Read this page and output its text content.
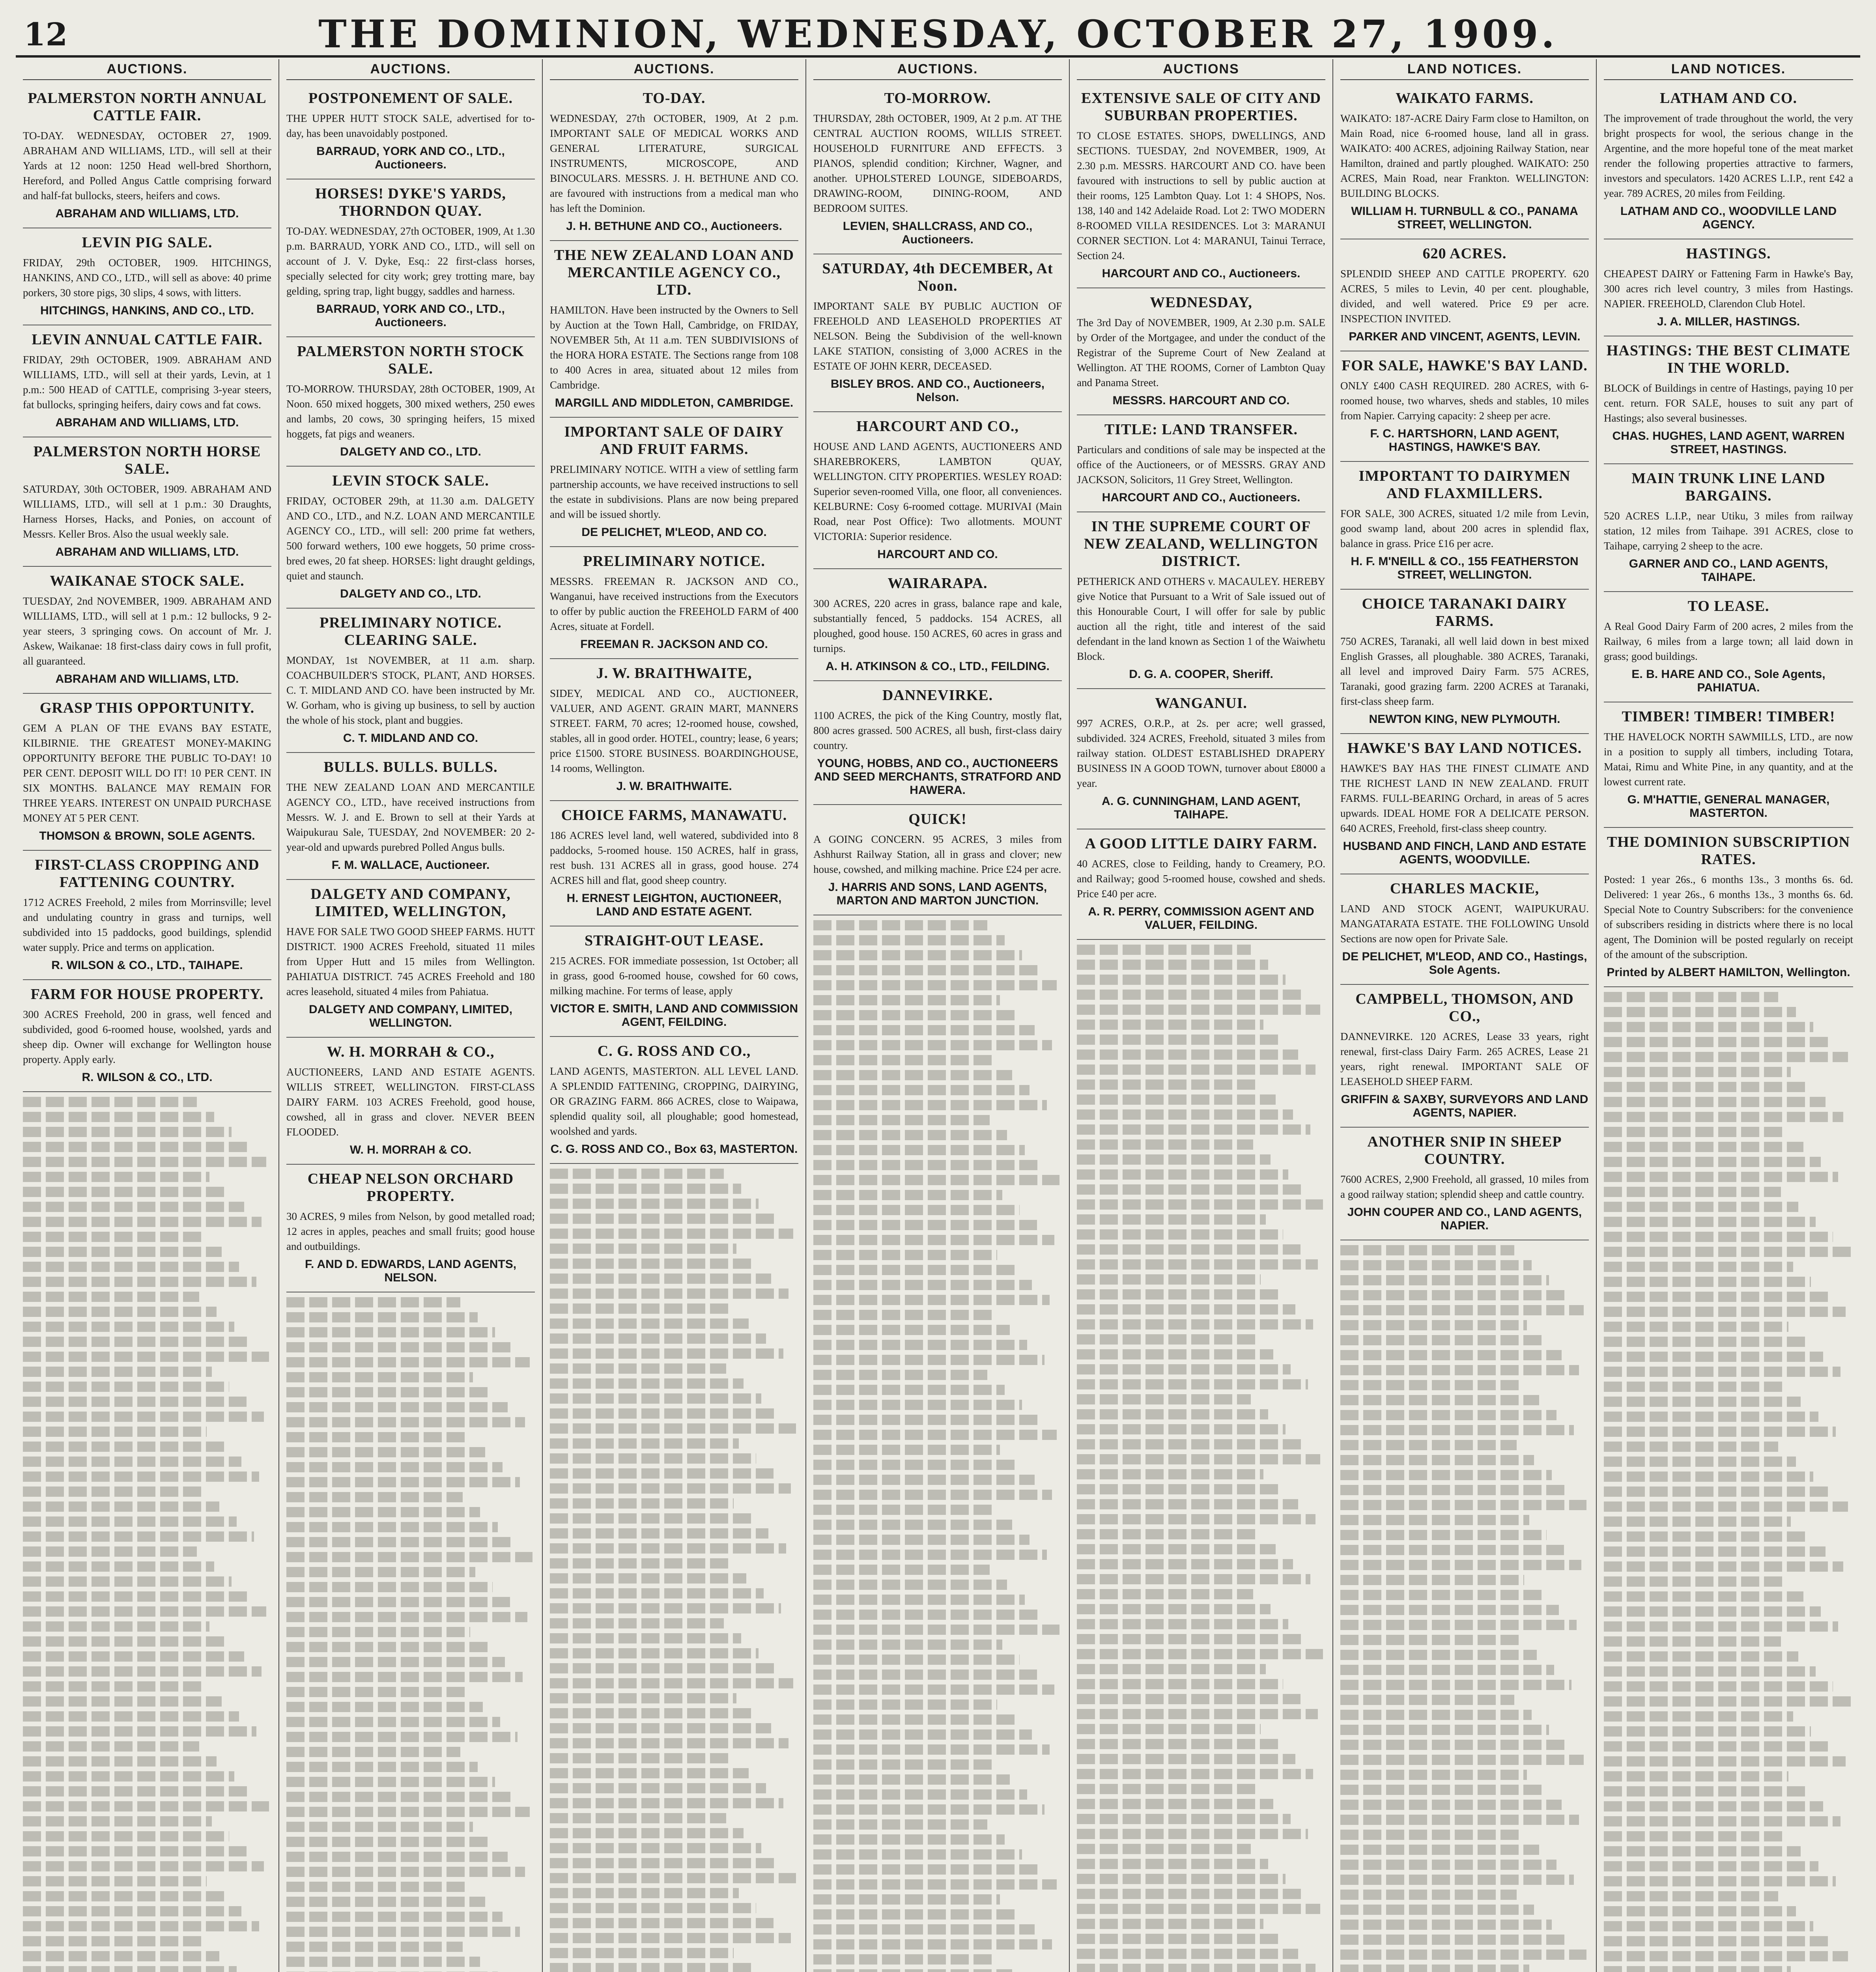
12	THE DOMINION, WEDNESDAY, OCTOBER 27, 1909.
AUCTIONS.
PALMERSTON NORTH ANNUAL CATTLE FAIR.

TO-DAY. WEDNESDAY, OCTOBER 27, 1909. ABRAHAM AND WILLIAMS, LTD., will sell at their Yards at 12 noon: 1250 Head well-bred Shorthorn, Hereford, and Polled Angus Cattle comprising forward and half-fat bullocks, steers, heifers and cows.

ABRAHAM AND WILLIAMS, LTD.
LEVIN PIG SALE.

FRIDAY, 29th OCTOBER, 1909. HITCHINGS, HANKINS, AND CO., LTD., will sell as above: 40 prime porkers, 30 store pigs, 30 slips, 4 sows, with litters.

HITCHINGS, HANKINS, AND CO., LTD.
LEVIN ANNUAL CATTLE FAIR.

FRIDAY, 29th OCTOBER, 1909. ABRAHAM AND WILLIAMS, LTD., will sell at their yards, Levin, at 1 p.m.: 500 HEAD of CATTLE, comprising 3-year steers, fat bullocks, springing heifers, dairy cows and fat cows.

ABRAHAM AND WILLIAMS, LTD.
PALMERSTON NORTH HORSE SALE.

SATURDAY, 30th OCTOBER, 1909. ABRAHAM AND WILLIAMS, LTD., will sell at 1 p.m.: 30 Draughts, Harness Horses, Hacks, and Ponies, on account of Messrs. Keller Bros. Also the usual weekly sale.

ABRAHAM AND WILLIAMS, LTD.
WAIKANAE STOCK SALE.

TUESDAY, 2nd NOVEMBER, 1909. ABRAHAM AND WILLIAMS, LTD., will sell at 1 p.m.: 12 bullocks, 9 2-year steers, 3 springing cows. On account of Mr. J. Askew, Waikanae: 18 first-class dairy cows in full profit, all guaranteed.

ABRAHAM AND WILLIAMS, LTD.
GRASP THIS OPPORTUNITY.

GEM A PLAN OF THE EVANS BAY ESTATE, KILBIRNIE. THE GREATEST MONEY-MAKING OPPORTUNITY BEFORE THE PUBLIC TO-DAY! 10 PER CENT. DEPOSIT WILL DO IT! 10 PER CENT. IN SIX MONTHS. BALANCE MAY REMAIN FOR THREE YEARS. INTEREST ON UNPAID PURCHASE MONEY AT 5 PER CENT.

THOMSON & BROWN, SOLE AGENTS.
FIRST-CLASS CROPPING AND FATTENING COUNTRY.

1712 ACRES Freehold, 2 miles from Morrinsville; level and undulating country in grass and turnips, well subdivided into 15 paddocks, good buildings, splendid water supply. Price and terms on application.

R. WILSON & CO., LTD., TAIHAPE.
FARM FOR HOUSE PROPERTY.

300 ACRES Freehold, 200 in grass, well fenced and subdivided, good 6-roomed house, woolshed, yards and sheep dip. Owner will exchange for Wellington house property. Apply early.

R. WILSON & CO., LTD.
AUCTIONS.
POSTPONEMENT OF SALE.

THE UPPER HUTT STOCK SALE, advertised for to-day, has been unavoidably postponed.

BARRAUD, YORK AND CO., LTD., Auctioneers.
HORSES! DYKE'S YARDS, THORNDON QUAY.

TO-DAY. WEDNESDAY, 27th OCTOBER, 1909, At 1.30 p.m. BARRAUD, YORK AND CO., LTD., will sell on account of J. V. Dyke, Esq.: 22 first-class horses, specially selected for city work; grey trotting mare, bay gelding, spring trap, light buggy, saddles and harness.

BARRAUD, YORK AND CO., LTD., Auctioneers.
PALMERSTON NORTH STOCK SALE.

TO-MORROW. THURSDAY, 28th OCTOBER, 1909, At Noon. 650 mixed hoggets, 300 mixed wethers, 250 ewes and lambs, 20 cows, 30 springing heifers, 15 mixed hoggets, fat pigs and weaners.

DALGETY AND CO., LTD.
LEVIN STOCK SALE.

FRIDAY, OCTOBER 29th, at 11.30 a.m. DALGETY AND CO., LTD., and N.Z. LOAN AND MERCANTILE AGENCY CO., LTD., will sell: 200 prime fat wethers, 500 forward wethers, 100 ewe hoggets, 50 prime cross-bred ewes, 20 fat sheep. HORSES: light draught geldings, quiet and staunch.

DALGETY AND CO., LTD.
PRELIMINARY NOTICE. CLEARING SALE.

MONDAY, 1st NOVEMBER, at 11 a.m. sharp. COACHBUILDER'S STOCK, PLANT, AND HORSES. C. T. MIDLAND AND CO. have been instructed by Mr. W. Gorham, who is giving up business, to sell by auction the whole of his stock, plant and buggies.

C. T. MIDLAND AND CO.
BULLS. BULLS. BULLS.

THE NEW ZEALAND LOAN AND MERCANTILE AGENCY CO., LTD., have received instructions from Messrs. W. J. and E. Brown to sell at their Yards at Waipukurau Sale, TUESDAY, 2nd NOVEMBER: 20 2-year-old and upwards purebred Polled Angus bulls.

F. M. WALLACE, Auctioneer.
DALGETY AND COMPANY, LIMITED, WELLINGTON,

HAVE FOR SALE TWO GOOD SHEEP FARMS. HUTT DISTRICT. 1900 ACRES Freehold, situated 11 miles from Upper Hutt and 15 miles from Wellington. PAHIATUA DISTRICT. 745 ACRES Freehold and 180 acres leasehold, situated 4 miles from Pahiatua.

DALGETY AND COMPANY, LIMITED, WELLINGTON.
W. H. MORRAH & CO.,

AUCTIONEERS, LAND AND ESTATE AGENTS. WILLIS STREET, WELLINGTON. FIRST-CLASS DAIRY FARM. 103 ACRES Freehold, good house, cowshed, all in grass and clover. NEVER BEEN FLOODED.

W. H. MORRAH & CO.
CHEAP NELSON ORCHARD PROPERTY.

30 ACRES, 9 miles from Nelson, by good metalled road; 12 acres in apples, peaches and small fruits; good house and outbuildings.

F. AND D. EDWARDS, LAND AGENTS, NELSON.
AUCTIONS.
TO-DAY.

WEDNESDAY, 27th OCTOBER, 1909, At 2 p.m. IMPORTANT SALE OF MEDICAL WORKS AND GENERAL LITERATURE, SURGICAL INSTRUMENTS, MICROSCOPE, AND BINOCULARS. MESSRS. J. H. BETHUNE AND CO. are favoured with instructions from a medical man who has left the Dominion.

J. H. BETHUNE AND CO., Auctioneers.
THE NEW ZEALAND LOAN AND MERCANTILE AGENCY CO., LTD.

HAMILTON. Have been instructed by the Owners to Sell by Auction at the Town Hall, Cambridge, on FRIDAY, NOVEMBER 5th, At 11 a.m. TEN SUBDIVISIONS of the HORA HORA ESTATE. The Sections range from 108 to 400 Acres in area, situated about 12 miles from Cambridge.

MARGILL AND MIDDLETON, CAMBRIDGE.
IMPORTANT SALE OF DAIRY AND FRUIT FARMS.

PRELIMINARY NOTICE. WITH a view of settling farm partnership accounts, we have received instructions to sell the estate in subdivisions. Plans are now being prepared and will be issued shortly.

DE PELICHET, M'LEOD, AND CO.
PRELIMINARY NOTICE.

MESSRS. FREEMAN R. JACKSON AND CO., Wanganui, have received instructions from the Executors to offer by public auction the FREEHOLD FARM of 400 Acres, situate at Fordell.

FREEMAN R. JACKSON AND CO.
J. W. BRAITHWAITE,

SIDEY, MEDICAL AND CO., AUCTIONEER, VALUER, AND AGENT. GRAIN MART, MANNERS STREET. FARM, 70 acres; 12-roomed house, cowshed, stables, all in good order. HOTEL, country; lease, 6 years; price £1500. STORE BUSINESS. BOARDINGHOUSE, 14 rooms, Wellington.

J. W. BRAITHWAITE.
CHOICE FARMS, MANAWATU.

186 ACRES level land, well watered, subdivided into 8 paddocks, 5-roomed house. 150 ACRES, half in grass, rest bush. 131 ACRES all in grass, good house. 274 ACRES hill and flat, good sheep country.

H. ERNEST LEIGHTON, AUCTIONEER, LAND AND ESTATE AGENT.
STRAIGHT-OUT LEASE.

215 ACRES. FOR immediate possession, 1st October; all in grass, good 6-roomed house, cowshed for 60 cows, milking machine. For terms of lease, apply

VICTOR E. SMITH, LAND AND COMMISSION AGENT, FEILDING.
C. G. ROSS AND CO.,

LAND AGENTS, MASTERTON. ALL LEVEL LAND. A SPLENDID FATTENING, CROPPING, DAIRYING, OR GRAZING FARM. 866 ACRES, close to Waipawa, splendid quality soil, all ploughable; good homestead, woolshed and yards.

C. G. ROSS AND CO., Box 63, MASTERTON.
AUCTIONS.
TO-MORROW.

THURSDAY, 28th OCTOBER, 1909, At 2 p.m. AT THE CENTRAL AUCTION ROOMS, WILLIS STREET. HOUSEHOLD FURNITURE AND EFFECTS. 3 PIANOS, splendid condition; Kirchner, Wagner, and another. UPHOLSTERED LOUNGE, SIDEBOARDS, DRAWING-ROOM, DINING-ROOM, AND BEDROOM SUITES.

LEVIEN, SHALLCRASS, AND CO., Auctioneers.
SATURDAY, 4th DECEMBER, At Noon.

IMPORTANT SALE BY PUBLIC AUCTION OF FREEHOLD AND LEASEHOLD PROPERTIES AT NELSON. Being the Subdivision of the well-known LAKE STATION, consisting of 3,000 ACRES in the ESTATE OF JOHN KERR, DECEASED.

BISLEY BROS. AND CO., Auctioneers, Nelson.
HARCOURT AND CO.,

HOUSE AND LAND AGENTS, AUCTIONEERS AND SHAREBROKERS, LAMBTON QUAY, WELLINGTON. CITY PROPERTIES. WESLEY ROAD: Superior seven-roomed Villa, one floor, all conveniences. KELBURNE: Cosy 6-roomed cottage. MURIVAI (Main Road, near Post Office): Two allotments. MOUNT VICTORIA: Superior residence.

HARCOURT AND CO.
WAIRARAPA.

300 ACRES, 220 acres in grass, balance rape and kale, substantially fenced, 5 paddocks. 154 ACRES, all ploughed, good house. 150 ACRES, 60 acres in grass and turnips.

A. H. ATKINSON & CO., LTD., FEILDING.
DANNEVIRKE.

1100 ACRES, the pick of the King Country, mostly flat, 800 acres grassed. 500 ACRES, all bush, first-class dairy country.

YOUNG, HOBBS, AND CO., AUCTIONEERS AND SEED MERCHANTS, STRATFORD AND HAWERA.
QUICK!

A GOING CONCERN. 95 ACRES, 3 miles from Ashhurst Railway Station, all in grass and clover; new house, cowshed, and milking machine. Price £24 per acre.

J. HARRIS AND SONS, LAND AGENTS, MARTON AND MARTON JUNCTION.
AUCTIONS
EXTENSIVE SALE OF CITY AND SUBURBAN PROPERTIES.

TO CLOSE ESTATES. SHOPS, DWELLINGS, AND SECTIONS. TUESDAY, 2nd NOVEMBER, 1909, At 2.30 p.m. MESSRS. HARCOURT AND CO. have been favoured with instructions to sell by public auction at their rooms, 125 Lambton Quay. Lot 1: 4 SHOPS, Nos. 138, 140 and 142 Adelaide Road. Lot 2: TWO MODERN 8-ROOMED VILLA RESIDENCES. Lot 3: MARANUI CORNER SECTION. Lot 4: MARANUI, Tainui Terrace, Section 24.

HARCOURT AND CO., Auctioneers.
WEDNESDAY,

The 3rd Day of NOVEMBER, 1909, At 2.30 p.m. SALE by Order of the Mortgagee, and under the conduct of the Registrar of the Supreme Court of New Zealand at Wellington. AT THE ROOMS, Corner of Lambton Quay and Panama Street.

MESSRS. HARCOURT AND CO.
TITLE: LAND TRANSFER.

Particulars and conditions of sale may be inspected at the office of the Auctioneers, or of MESSRS. GRAY AND JACKSON, Solicitors, 11 Grey Street, Wellington.

HARCOURT AND CO., Auctioneers.
IN THE SUPREME COURT OF NEW ZEALAND, WELLINGTON DISTRICT.

PETHERICK AND OTHERS v. MACAULEY. HEREBY give Notice that Pursuant to a Writ of Sale issued out of this Honourable Court, I will offer for sale by public auction all the right, title and interest of the said defendant in the land known as Section 1 of the Waiwhetu Block.

D. G. A. COOPER, Sheriff.
WANGANUI.

997 ACRES, O.R.P., at 2s. per acre; well grassed, subdivided. 324 ACRES, Freehold, situated 3 miles from railway station. OLDEST ESTABLISHED DRAPERY BUSINESS IN A GOOD TOWN, turnover about £8000 a year.

A. G. CUNNINGHAM, LAND AGENT, TAIHAPE.
A GOOD LITTLE DAIRY FARM.

40 ACRES, close to Feilding, handy to Creamery, P.O. and Railway; good 5-roomed house, cowshed and sheds. Price £40 per acre.

A. R. PERRY, COMMISSION AGENT AND VALUER, FEILDING.
LAND NOTICES.
WAIKATO FARMS.

WAIKATO: 187-ACRE Dairy Farm close to Hamilton, on Main Road, nice 6-roomed house, land all in grass. WAIKATO: 400 ACRES, adjoining Railway Station, near Hamilton, drained and partly ploughed. WAIKATO: 250 ACRES, Main Road, near Frankton. WELLINGTON: BUILDING BLOCKS.

WILLIAM H. TURNBULL & CO., PANAMA STREET, WELLINGTON.
620 ACRES.

SPLENDID SHEEP AND CATTLE PROPERTY. 620 ACRES, 5 miles to Levin, 40 per cent. ploughable, divided, and well watered. Price £9 per acre. INSPECTION INVITED.

PARKER AND VINCENT, AGENTS, LEVIN.
FOR SALE, HAWKE'S BAY LAND.

ONLY £400 CASH REQUIRED. 280 ACRES, with 6-roomed house, two wharves, sheds and stables, 10 miles from Napier. Carrying capacity: 2 sheep per acre.

F. C. HARTSHORN, LAND AGENT, HASTINGS, HAWKE'S BAY.
IMPORTANT TO DAIRYMEN AND FLAXMILLERS.

FOR SALE, 300 ACRES, situated 1/2 mile from Levin, good swamp land, about 200 acres in splendid flax, balance in grass. Price £16 per acre.

H. F. M'NEILL & CO., 155 FEATHERSTON STREET, WELLINGTON.
CHOICE TARANAKI DAIRY FARMS.

750 ACRES, Taranaki, all well laid down in best mixed English Grasses, all ploughable. 380 ACRES, Taranaki, all level and improved Dairy Farm. 575 ACRES, Taranaki, good grazing farm. 2200 ACRES at Taranaki, first-class sheep farm.

NEWTON KING, NEW PLYMOUTH.
HAWKE'S BAY LAND NOTICES.

HAWKE'S BAY HAS THE FINEST CLIMATE AND THE RICHEST LAND IN NEW ZEALAND. FRUIT FARMS. FULL-BEARING Orchard, in areas of 5 acres upwards. IDEAL HOME FOR A DELICATE PERSON. 640 ACRES, Freehold, first-class sheep country.

HUSBAND AND FINCH, LAND AND ESTATE AGENTS, WOODVILLE.
CHARLES MACKIE,

LAND AND STOCK AGENT, WAIPUKURAU. MANGATARATA ESTATE. THE FOLLOWING Unsold Sections are now open for Private Sale.

DE PELICHET, M'LEOD, AND CO., Hastings, Sole Agents.
CAMPBELL, THOMSON, AND CO.,

DANNEVIRKE. 120 ACRES, Lease 33 years, right renewal, first-class Dairy Farm. 265 ACRES, Lease 21 years, right renewal. IMPORTANT SALE OF LEASEHOLD SHEEP FARM.

GRIFFIN & SAXBY, SURVEYORS AND LAND AGENTS, NAPIER.
ANOTHER SNIP IN SHEEP COUNTRY.

7600 ACRES, 2,900 Freehold, all grassed, 10 miles from a good railway station; splendid sheep and cattle country.

JOHN COUPER AND CO., LAND AGENTS, NAPIER.
LAND NOTICES.
LATHAM AND CO.

The improvement of trade throughout the world, the very bright prospects for wool, the serious change in the Argentine, and the more hopeful tone of the meat market render the following properties attractive to farmers, investors and speculators. 1420 ACRES L.I.P., rent £42 a year. 789 ACRES, 20 miles from Feilding.

LATHAM AND CO., WOODVILLE LAND AGENCY.
HASTINGS.

CHEAPEST DAIRY or Fattening Farm in Hawke's Bay, 300 acres rich level country, 3 miles from Hastings. NAPIER. FREEHOLD, Clarendon Club Hotel.

J. A. MILLER, HASTINGS.
HASTINGS: THE BEST CLIMATE IN THE WORLD.

BLOCK of Buildings in centre of Hastings, paying 10 per cent. return. FOR SALE, houses to suit any part of Hastings; also several businesses.

CHAS. HUGHES, LAND AGENT, WARREN STREET, HASTINGS.
MAIN TRUNK LINE LAND BARGAINS.

520 ACRES L.I.P., near Utiku, 3 miles from railway station, 12 miles from Taihape. 391 ACRES, close to Taihape, carrying 2 sheep to the acre.

GARNER AND CO., LAND AGENTS, TAIHAPE.
TO LEASE.

A Real Good Dairy Farm of 200 acres, 2 miles from the Railway, 6 miles from a large town; all laid down in grass; good buildings.

E. B. HARE AND CO., Sole Agents, PAHIATUA.
TIMBER! TIMBER! TIMBER!

THE HAVELOCK NORTH SAWMILLS, LTD., are now in a position to supply all timbers, including Totara, Matai, Rimu and White Pine, in any quantity, and at the lowest current rate.

G. M'HATTIE, GENERAL MANAGER, MASTERTON.
THE DOMINION SUBSCRIPTION RATES.

Posted: 1 year 26s., 6 months 13s., 3 months 6s. 6d. Delivered: 1 year 26s., 6 months 13s., 3 months 6s. 6d. Special Note to Country Subscribers: for the convenience of subscribers residing in districts where there is no local agent, The Dominion will be posted regularly on receipt of the amount of the subscription.

Printed by ALBERT HAMILTON, Wellington.
